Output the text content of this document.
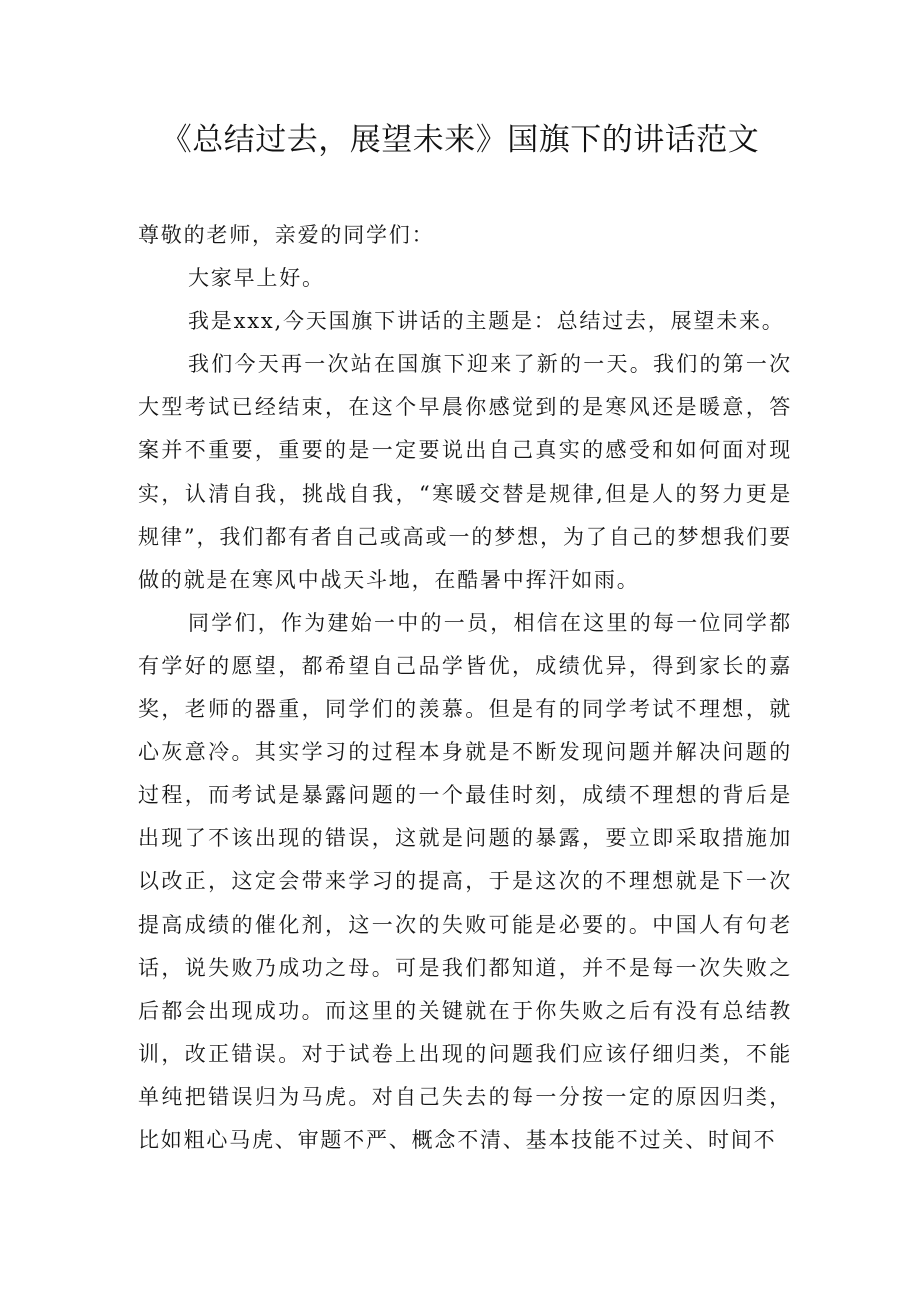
《总结过去，展望未来》国旗下的讲话范文

尊敬的老师，亲爱的同学们：

大家早上好。

我是xxx,今天国旗下讲话的主题是：总结过去，展望未来。

我们今天再一次站在国旗下迎来了新的一天。我们的第一次大型考试已经结束，在这个早晨你感觉到的是寒风还是暖意，答案并不重要，重要的是一定要说出自己真实的感受和如何面对现实，认清自我，挑战自我，“寒暖交替是规律,但是人的努力更是规律”，我们都有者自己或高或一的梦想，为了自己的梦想我们要做的就是在寒风中战天斗地，在酷暑中挥汗如雨。

同学们，作为建始一中的一员，相信在这里的每一位同学都有学好的愿望，都希望自己品学皆优，成绩优异，得到家长的嘉奖，老师的器重，同学们的羡慕。但是有的同学考试不理想，就心灰意冷。其实学习的过程本身就是不断发现问题并解决问题的过程，而考试是暴露问题的一个最佳时刻，成绩不理想的背后是出现了不该出现的错误，这就是问题的暴露，要立即采取措施加以改正，这定会带来学习的提高，于是这次的不理想就是下一次提高成绩的催化剂，这一次的失败可能是必要的。中国人有句老话，说失败乃成功之母。可是我们都知道，并不是每一次失败之后都会出现成功。而这里的关键就在于你失败之后有没有总结教训，改正错误。对于试卷上出现的问题我们应该仔细归类，不能单纯把错误归为马虎。对自己失去的每一分按一定的原因归类，比如粗心马虎、审题不严、概念不清、基本技能不过关、时间不
